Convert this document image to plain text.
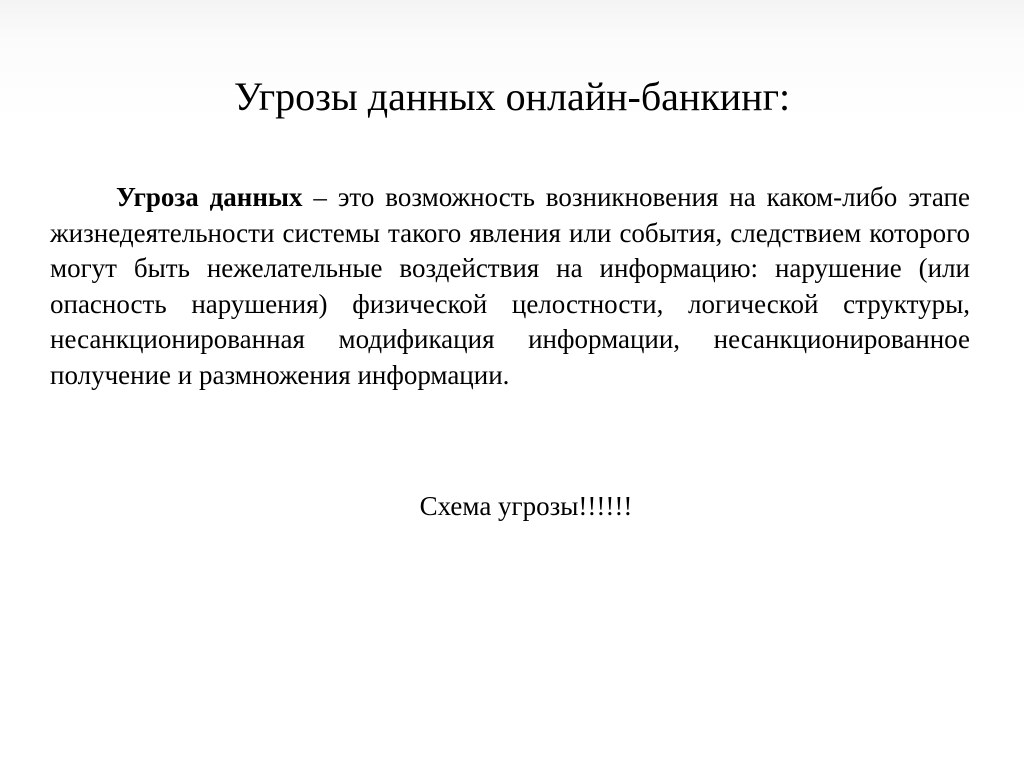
Угрозы данных онлайн-банкинг:

Угроза данных – это возможность возникновения на каком-либо этапе жизнедеятельности системы такого явления или события, следствием которого могут быть нежелательные воздействия на информацию: нарушение (или опасность нарушения) физической целостности, логической структуры, несанкционированная модификация информации, несанкционированное получение и размножения информации.

Схема угрозы!!!!!!
